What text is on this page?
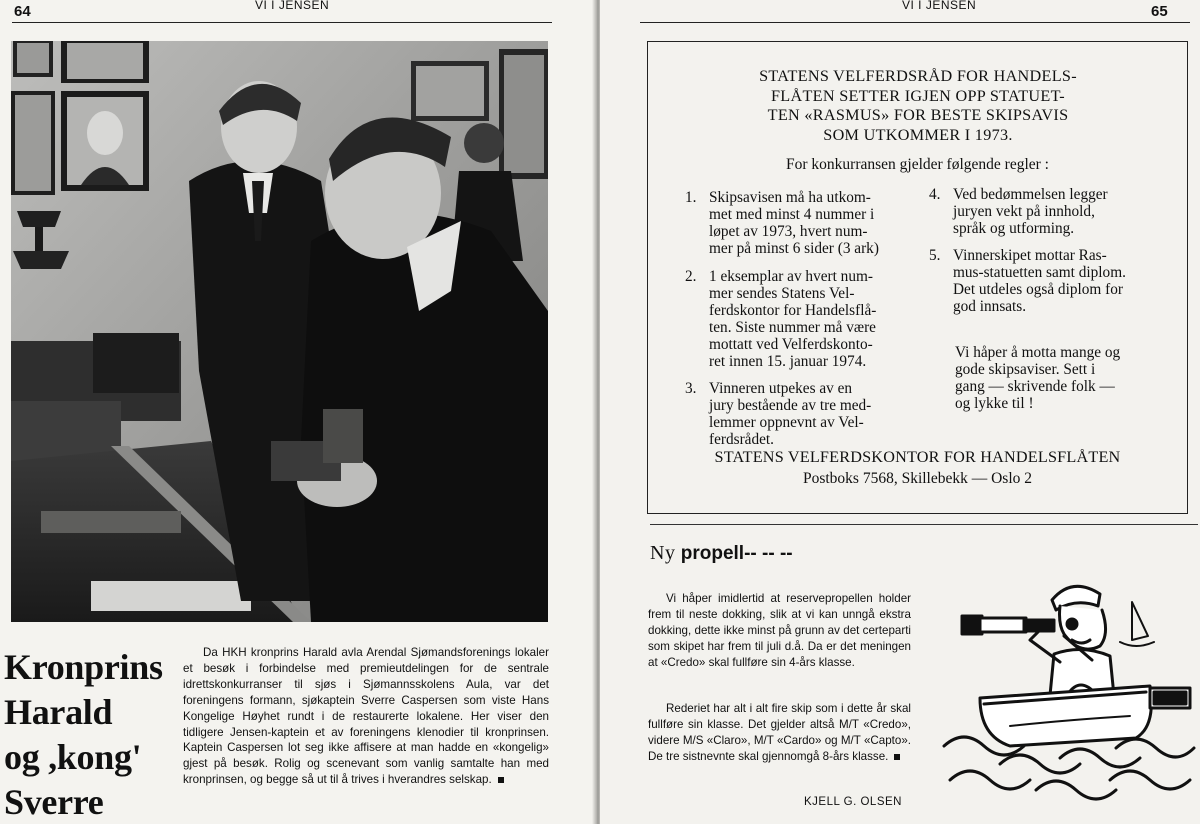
64	VI I JENSEN
Kronprins
Harald
og ,kong'
Sverre

Da HKH kronprins Harald avla Arendal Sjømandsforenings lokaler et besøk i forbindelse med premieutdelingen for de sentrale idrettskonkurranser til sjøs i Sjømannsskolens Aula, var det foreningens formann, sjøkaptein Sverre Caspersen som viste Hans Kongelige Høyhet rundt i de restaurerte lokalene. Her viser den tidligere Jensen-kaptein et av foreningens klenodier til kronprinsen. Kaptein Caspersen lot seg ikke affisere at man hadde en «kongelig» gjest på besøk. Rolig og scenevant som vanlig samtalte han med kronprinsen, og begge så ut til å trives i hverandres selskap.

VI I JENSEN	65
STATENS VELFERDSRÅD FOR HANDELS-
FLÅTEN SETTER IGJEN OPP STATUET-
TEN «RASMUS» FOR BESTE SKIPSAVIS
SOM UTKOMMER I 1973.

For konkurransen gjelder følgende regler :

1. Skipsavisen må ha utkom-
met med minst 4 nummer i
løpet av 1973, hvert num-
mer på minst 6 sider (3 ark)
2. 1 eksemplar av hvert num-
mer sendes Statens Vel-
ferdskontor for Handelsflå-
ten. Siste nummer må være
mottatt ved Velferdskonto-
ret innen 15. januar 1974.
3. Vinneren utpekes av en
jury bestående av tre med-
lemmer oppnevnt av Vel-
ferdsrådet.
4. Ved bedømmelsen legger
juryen vekt på innhold,
språk og utforming.
5. Vinnerskipet mottar Ras-
mus-statuetten samt diplom.
Det utdeles også diplom for
god innsats.
Vi håper å motta mange og
gode skipsaviser. Sett i
gang — skrivende folk —
og lykke til !
STATENS VELFERDSKONTOR FOR HANDELSFLÅTEN
Postboks 7568, Skillebekk — Oslo 2
Ny propell-- -- --

Vi håper imidlertid at reservepropellen holder frem til neste dokking, slik at vi kan unngå ekstra dokking, dette ikke minst på grunn av det certeparti som skipet har frem til juli d.å. Da er det meningen at «Credo» skal fullføre sin 4-års klasse.

Rederiet har alt i alt fire skip som i dette år skal fullføre sin klasse. Det gjelder altså M/T «Credo», videre M/S «Claro», M/T «Cardo» og M/T «Capto». De tre sistnevnte skal gjennomgå 8-års klasse.

KJELL G. OLSEN
